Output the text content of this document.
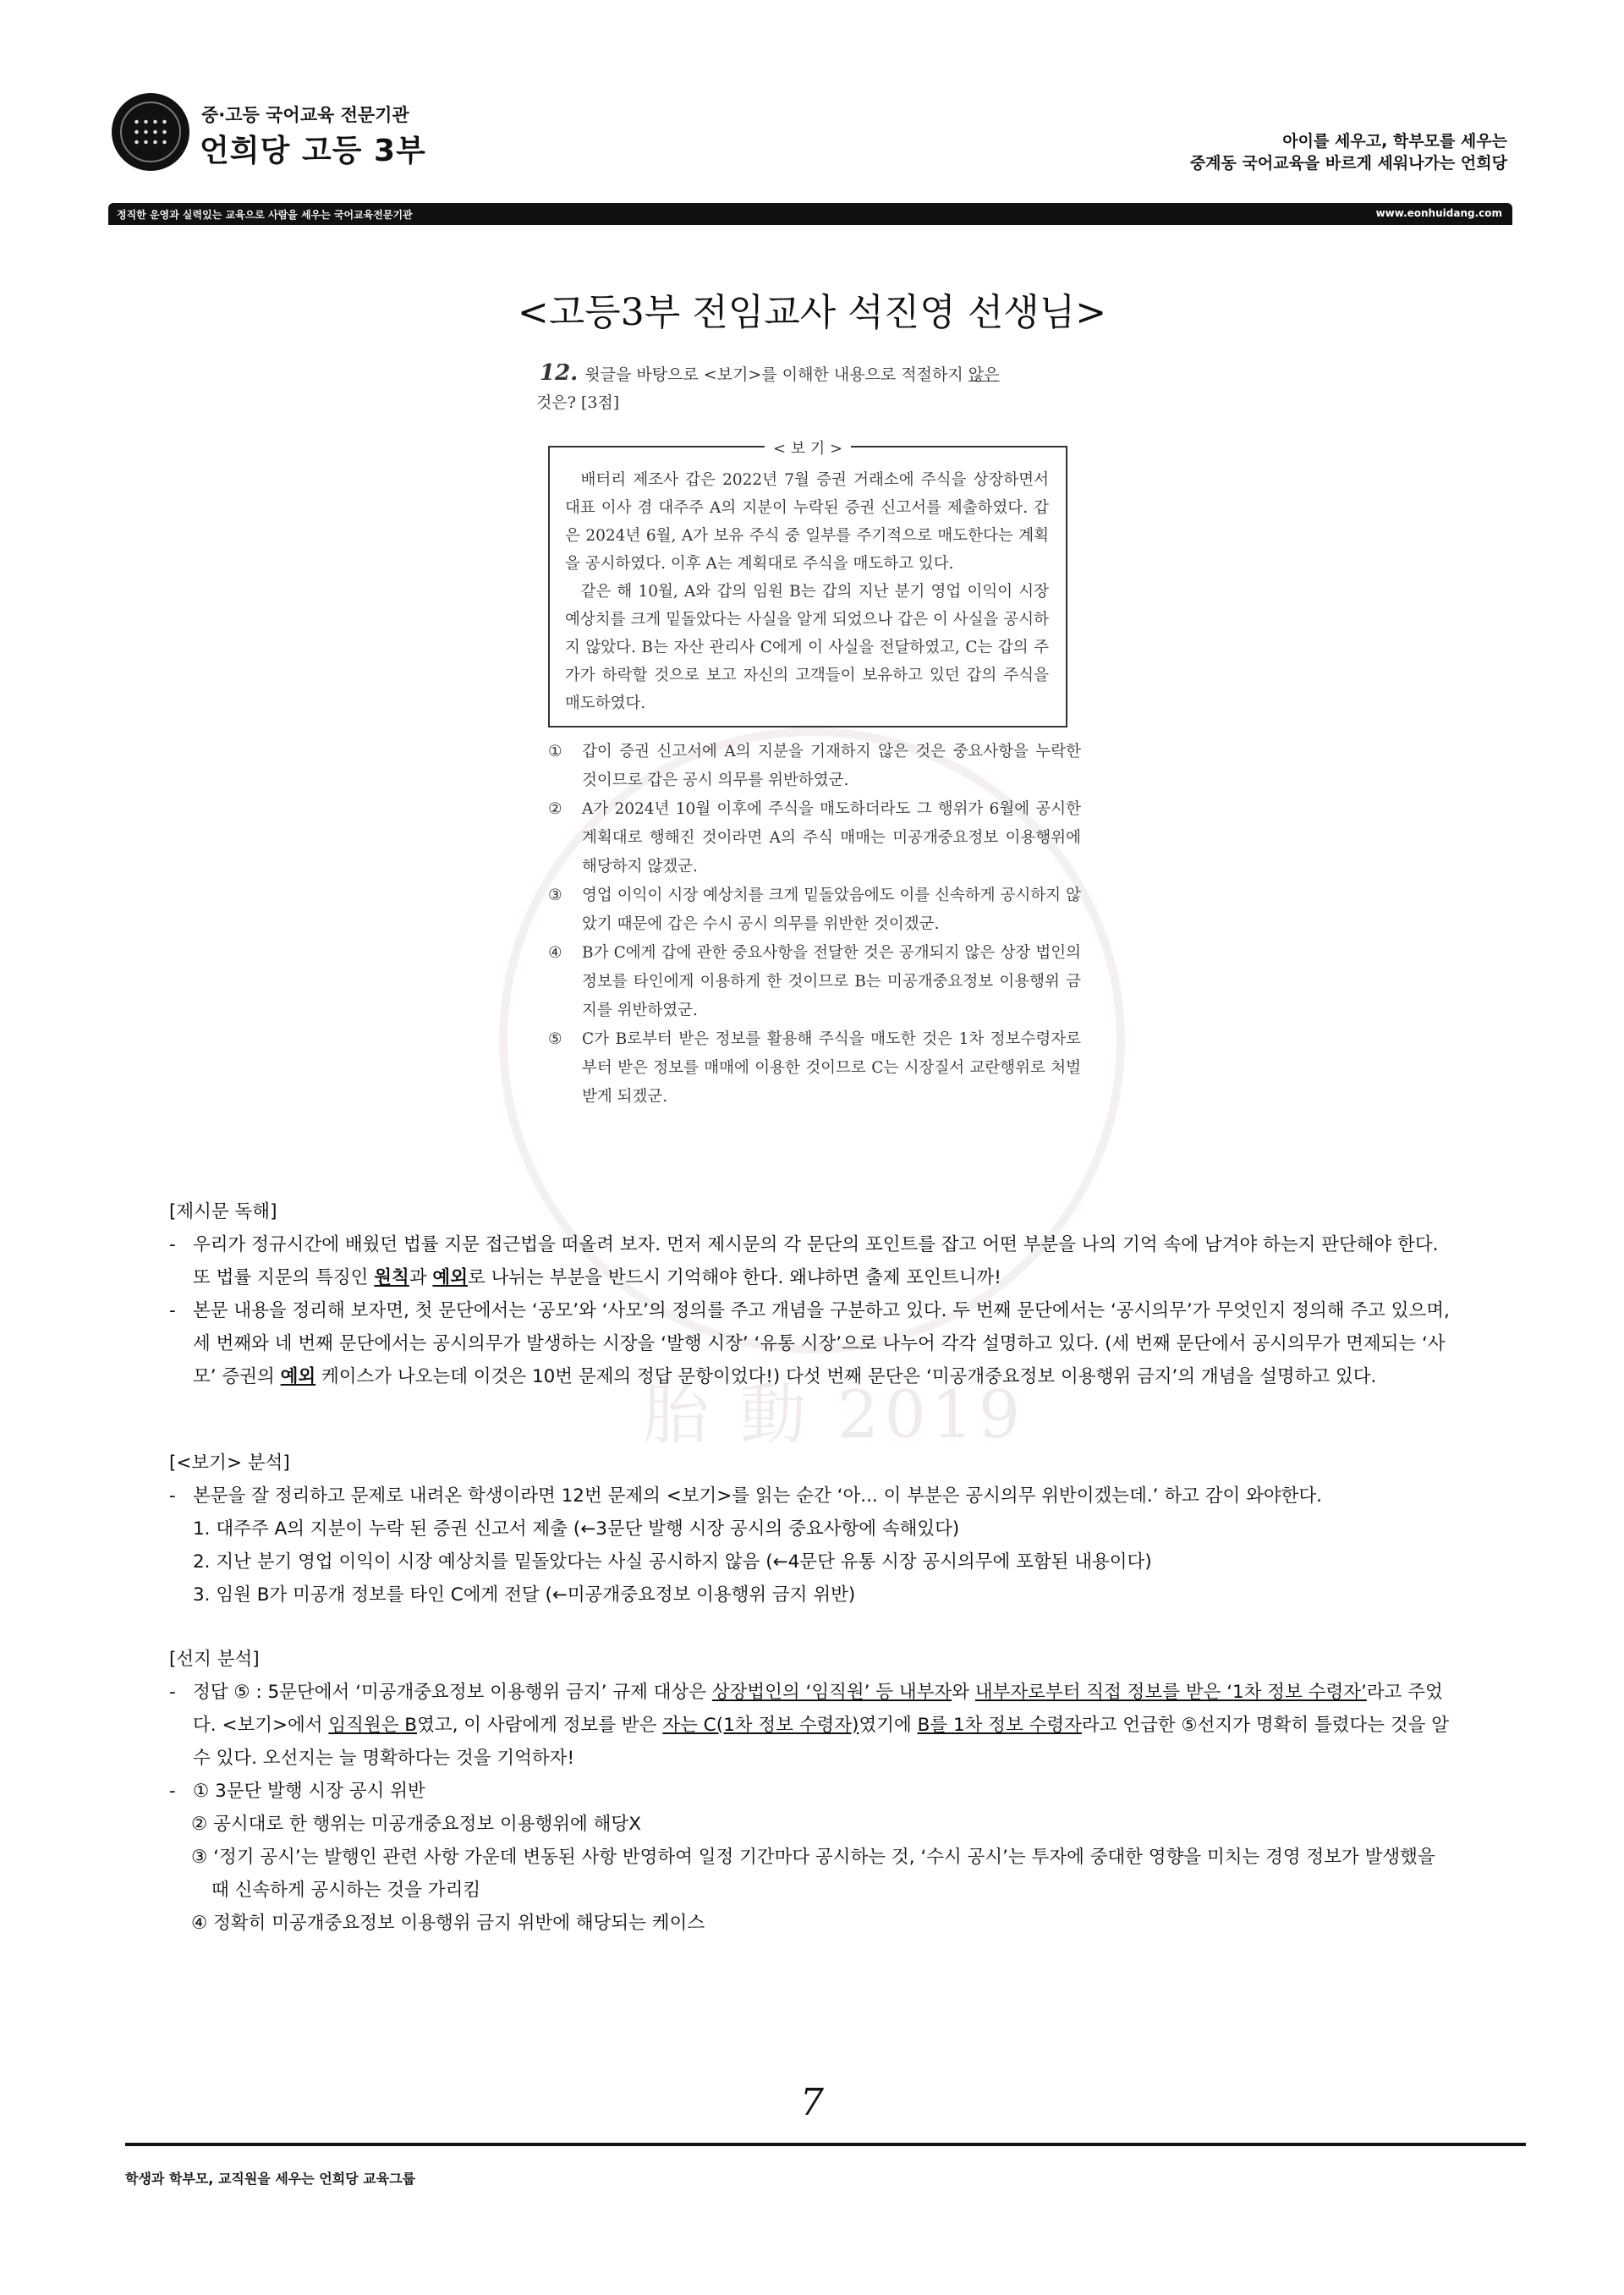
중·고등 국어교육 전문기관
언희당 고등 3부	아이를 세우고, 학부모를 세우는
중계동 국어교육을 바르게 세워나가는 언희당
정직한 운영과 실력있는 교육으로 사람을 세우는 국어교육전문기관	www.eonhuidang.com
胎 動 2019
<고등3부 전임교사 석진영 선생님>
12. 윗글을 바탕으로 <보기>를 이해한 내용으로 적절하지 않은
것은? [3점]
< 보 기 >

배터리 제조사 갑은 2022년 7월 증권 거래소에 주식을 상장하면서 대표 이사 겸 대주주 A의 지분이 누락된 증권 신고서를 제출하였다. 갑은 2024년 6월, A가 보유 주식 중 일부를 주기적으로 매도한다는 계획을 공시하였다. 이후 A는 계획대로 주식을 매도하고 있다.

같은 해 10월, A와 갑의 임원 B는 갑의 지난 분기 영업 이익이 시장 예상치를 크게 밑돌았다는 사실을 알게 되었으나 갑은 이 사실을 공시하지 않았다. B는 자산 관리사 C에게 이 사실을 전달하였고, C는 갑의 주가가 하락할 것으로 보고 자신의 고객들이 보유하고 있던 갑의 주식을 매도하였다.

① 갑이 증권 신고서에 A의 지분을 기재하지 않은 것은 중요사항을 누락한 것이므로 갑은 공시 의무를 위반하였군.
② A가 2024년 10월 이후에 주식을 매도하더라도 그 행위가 6월에 공시한 계획대로 행해진 것이라면 A의 주식 매매는 미공개중요정보 이용행위에 해당하지 않겠군.
③ 영업 이익이 시장 예상치를 크게 밑돌았음에도 이를 신속하게 공시하지 않았기 때문에 갑은 수시 공시 의무를 위반한 것이겠군.
④ B가 C에게 갑에 관한 중요사항을 전달한 것은 공개되지 않은 상장 법인의 정보를 타인에게 이용하게 한 것이므로 B는 미공개중요정보 이용행위 금지를 위반하였군.
⑤ C가 B로부터 받은 정보를 활용해 주식을 매도한 것은 1차 정보수령자로부터 받은 정보를 매매에 이용한 것이므로 C는 시장질서 교란행위로 처벌받게 되겠군.
[제시문 독해]
- 우리가 정규시간에 배웠던 법률 지문 접근법을 떠올려 보자. 먼저 제시문의 각 문단의 포인트를 잡고 어떤 부분을 나의 기억 속에 남겨야 하는지 판단해야 한다. 또 법률 지문의 특징인 원칙과 예외로 나뉘는 부분을 반드시 기억해야 한다. 왜냐하면 출제 포인트니까!
- 본문 내용을 정리해 보자면, 첫 문단에서는 ‘공모’와 ‘사모’의 정의를 주고 개념을 구분하고 있다. 두 번째 문단에서는 ‘공시의무’가 무엇인지 정의해 주고 있으며, 세 번째와 네 번째 문단에서는 공시의무가 발생하는 시장을 ‘발행 시장’ ‘유통 시장’으로 나누어 각각 설명하고 있다. (세 번째 문단에서 공시의무가 면제되는 ‘사모’ 증권의 예외 케이스가 나오는데 이것은 10번 문제의 정답 문항이었다!) 다섯 번째 문단은 ‘미공개중요정보 이용행위 금지’의 개념을 설명하고 있다.
[<보기> 분석]
- 본문을 잘 정리하고 문제로 내려온 학생이라면 12번 문제의 <보기>를 읽는 순간 ‘아... 이 부분은 공시의무 위반이겠는데.’ 하고 감이 와야한다.
1. 대주주 A의 지분이 누락 된 증권 신고서 제출 (←3문단 발행 시장 공시의 중요사항에 속해있다)
2. 지난 분기 영업 이익이 시장 예상치를 밑돌았다는 사실 공시하지 않음 (←4문단 유통 시장 공시의무에 포함된 내용이다)
3. 임원 B가 미공개 정보를 타인 C에게 전달 (←미공개중요정보 이용행위 금지 위반)
[선지 분석]
- 정답 ⑤ : 5문단에서 ‘미공개중요정보 이용행위 금지’ 규제 대상은 상장법인의 ‘임직원’ 등 내부자와 내부자로부터 직접 정보를 받은 ‘1차 정보 수령자’라고 주었다. <보기>에서 임직원은 B였고, 이 사람에게 정보를 받은 자는 C(1차 정보 수령자)였기에 B를 1차 정보 수령자라고 언급한 ⑤선지가 명확히 틀렸다는 것을 알 수 있다. 오선지는 늘 명확하다는 것을 기억하자!
- ① 3문단 발행 시장 공시 위반
② 공시대로 한 행위는 미공개중요정보 이용행위에 해당X
③ ‘정기 공시’는 발행인 관련 사항 가운데 변동된 사항 반영하여 일정 기간마다 공시하는 것, ‘수시 공시’는 투자에 중대한 영향을 미치는 경영 정보가 발생했을 때 신속하게 공시하는 것을 가리킴
④ 정확히 미공개중요정보 이용행위 금지 위반에 해당되는 케이스
7
학생과 학부모, 교직원을 세우는 언희당 교육그룹
